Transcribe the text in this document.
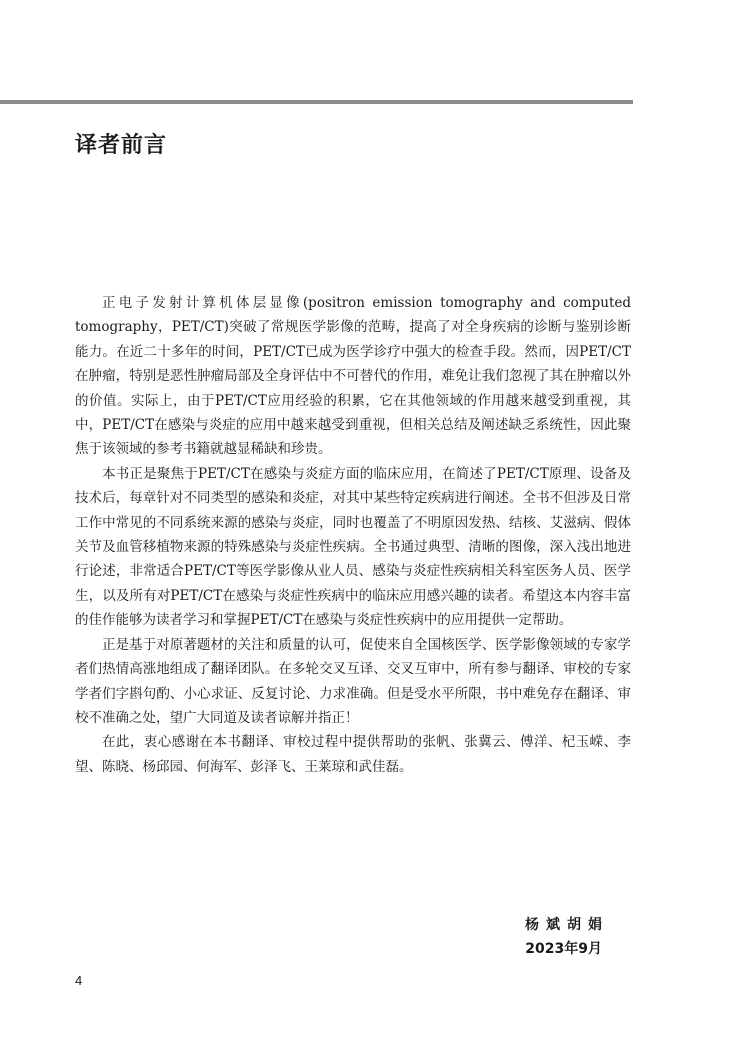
译者前言

正电子发射计算机体层显像(positron emission tomography and computed tomography，PET/CT)突破了常规医学影像的范畴，提高了对全身疾病的诊断与鉴别诊断能力。在近二十多年的时间，PET/CT已成为医学诊疗中强大的检查手段。然而，因PET/CT在肿瘤，特别是恶性肿瘤局部及全身评估中不可替代的作用，难免让我们忽视了其在肿瘤以外的价值。实际上，由于PET/CT应用经验的积累，它在其他领域的作用越来越受到重视，其中，PET/CT在感染与炎症的应用中越来越受到重视，但相关总结及阐述缺乏系统性，因此聚焦于该领域的参考书籍就越显稀缺和珍贵。

本书正是聚焦于PET/CT在感染与炎症方面的临床应用，在简述了PET/CT原理、设备及技术后，每章针对不同类型的感染和炎症，对其中某些特定疾病进行阐述。全书不但涉及日常工作中常见的不同系统来源的感染与炎症，同时也覆盖了不明原因发热、结核、艾滋病、假体关节及血管移植物来源的特殊感染与炎症性疾病。全书通过典型、清晰的图像，深入浅出地进行论述，非常适合PET/CT等医学影像从业人员、感染与炎症性疾病相关科室医务人员、医学生，以及所有对PET/CT在感染与炎症性疾病中的临床应用感兴趣的读者。希望这本内容丰富的佳作能够为读者学习和掌握PET/CT在感染与炎症性疾病中的应用提供一定帮助。

正是基于对原著题材的关注和质量的认可，促使来自全国核医学、医学影像领域的专家学者们热情高涨地组成了翻译团队。在多轮交叉互译、交叉互审中，所有参与翻译、审校的专家学者们字斟句酌、小心求证、反复讨论、力求准确。但是受水平所限，书中难免存在翻译、审校不准确之处，望广大同道及读者谅解并指正！

在此，衷心感谢在本书翻译、审校过程中提供帮助的张帆、张冀云、傅洋、杞玉嵘、李望、陈晓、杨邱园、何海军、彭泽飞、王莱琼和武佳磊。

杨斌胡娟
2023年9月
4
